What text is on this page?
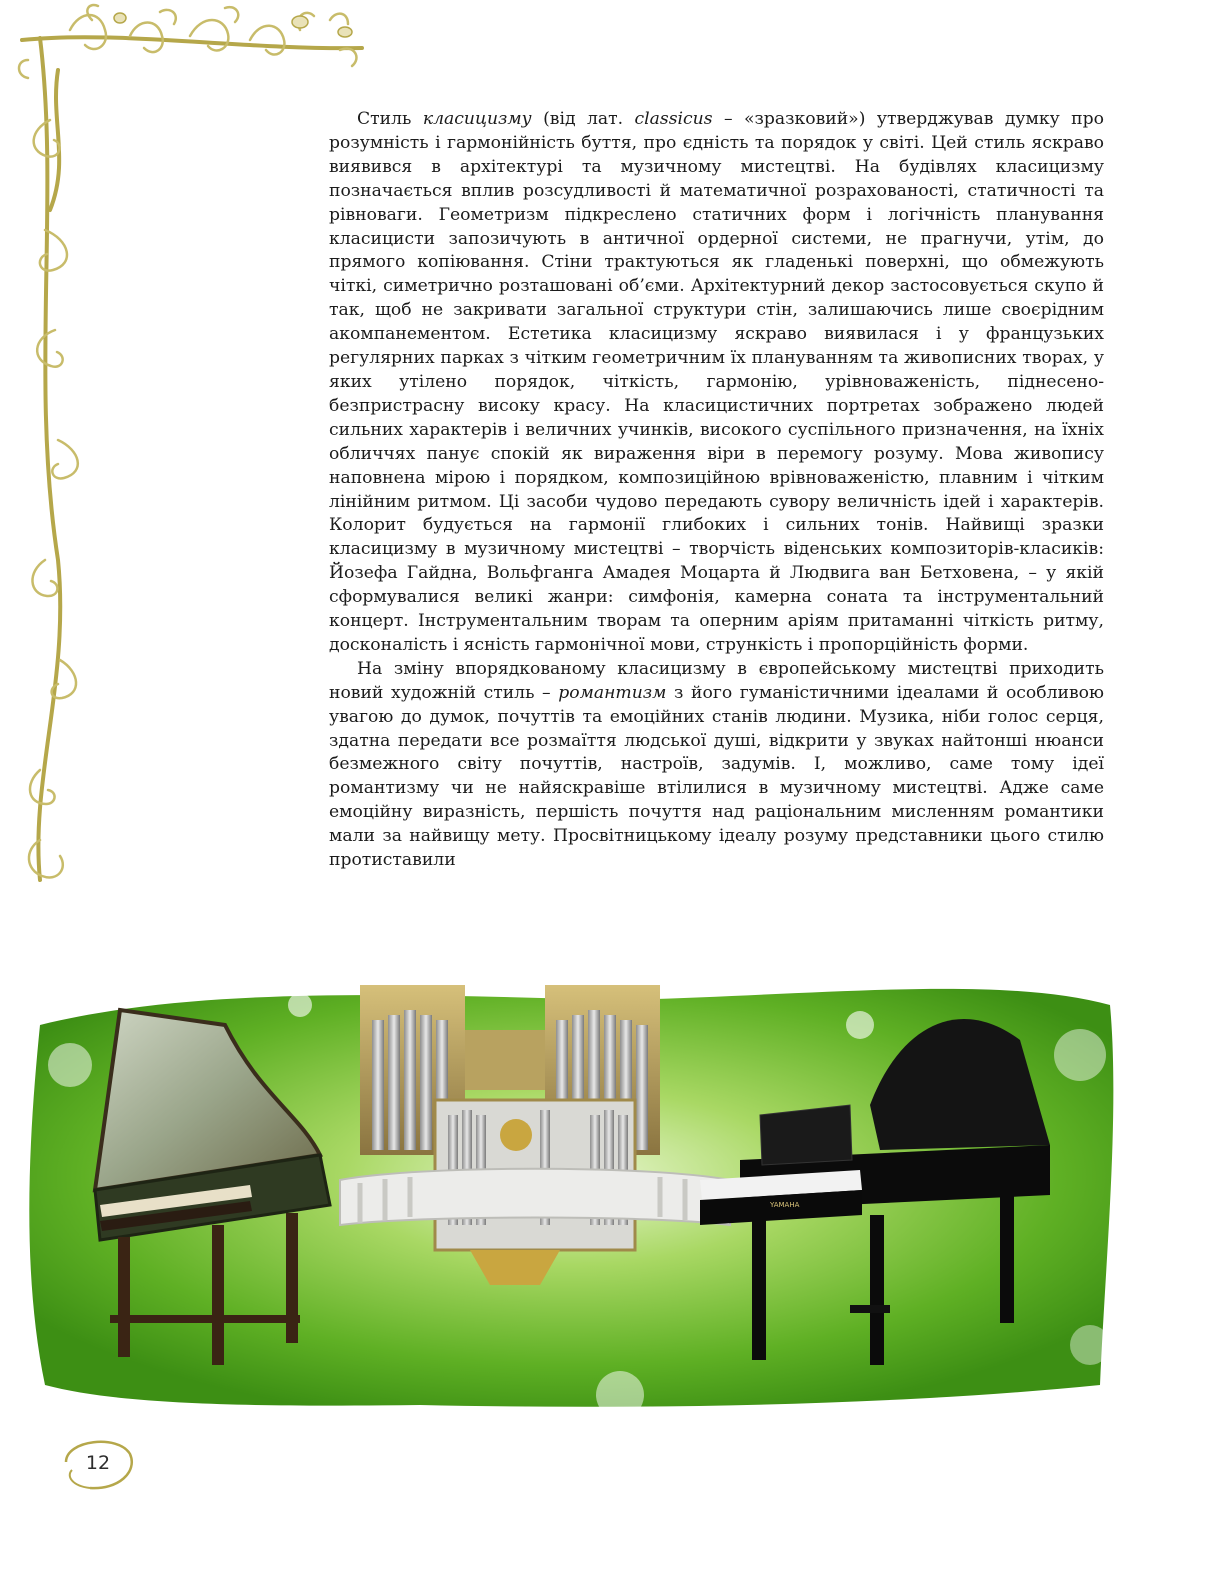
Стиль класицизму (від лат. classicus – «зразковий») утверджував думку про розумність і гармонійність буття, про єдність та порядок у світі. Цей стиль яскраво виявився в архітектурі та музичному мистецтві. На будівлях класицизму позначається вплив розсудливості й математичної розрахованості, статичності та рівноваги. Геометризм підкреслено статичних форм і логічність планування класицисти запозичують в античної ордерної системи, не прагнучи, утім, до прямого копіювання. Стіни трактуються як гладенькі поверхні, що обмежують чіткі, симетрично розташовані об’єми. Архітектурний декор застосовується скупо й так, щоб не закривати загальної структури стін, залишаючись лише своєрідним акомпанементом. Естетика класицизму яскраво виявилася і у французьких регулярних парках з чітким геометричним їх плануванням та живописних творах, у яких утілено порядок, чіткість, гармонію, урівноваженість, піднесено-безпристрасну високу красу. На класицистичних портретах зображено людей сильних характерів і величних учинків, високого суспільного призначення, на їхніх обличчях панує спокій як вираження віри в перемогу розуму. Мова живопису наповнена мірою і порядком, композиційною врівноваженістю, плавним і чітким лінійним ритмом. Ці засоби чудово передають сувору величність ідей і характерів. Колорит будується на гармонії глибоких і сильних тонів. Найвищі зразки класицизму в музичному мистецтві – творчість віденських композиторів-класиків: Йозефа Гайдна, Вольфганга Амадея Моцарта й Людвига ван Бетховена, – у якій сформувалися великі жанри: симфонія, камерна соната та інструментальний концерт. Інструментальним творам та оперним аріям притаманні чіткість ритму, досконалість і ясність гармонічної мови, стрункість і пропорційність форми.

На зміну впорядкованому класицизму в європейському мистецтві приходить новий художній стиль – романтизм з його гуманістичними ідеалами й особливою увагою до думок, почуттів та емоційних станів людини. Музика, ніби голос серця, здатна передати все розмаїття людської душі, відкрити у звуках найтонші нюанси безмежного світу почуттів, настроїв, задумів. І, можливо, саме тому ідеї романтизму чи не найяскравіше втілилися в музичному мистецтві. Адже саме емоційну виразність, першість почуття над раціональним мисленням романтики мали за найвищу мету. Просвітницькому ідеалу розуму представники цього стилю протиставили

YAMAHA
12
